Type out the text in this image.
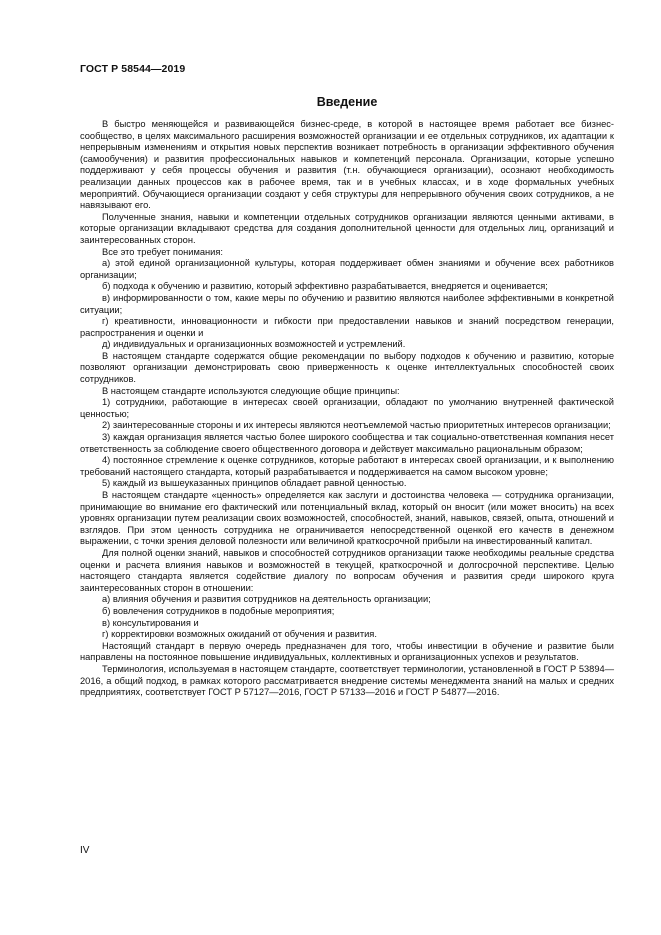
ГОСТ Р 58544—2019
Введение

В быстро меняющейся и развивающейся бизнес-среде, в которой в настоящее время работает все бизнес-сообщество, в целях максимального расширения возможностей организации и ее отдельных сотрудников, их адаптации к непрерывным изменениям и открытия новых перспектив возникает потребность в организации эффективного обучения (самообучения) и развития профессиональных навыков и компетенций персонала. Организации, которые успешно поддерживают у себя процессы обучения и развития (т.н. обучающиеся организации), осознают необходимость реализации данных процессов как в рабочее время, так и в учебных классах, и в ходе формальных учебных мероприятий. Обучающиеся организации создают у себя структуры для непрерывного обучения своих сотрудников, а не навязывают его.

Полученные знания, навыки и компетенции отдельных сотрудников организации являются ценными активами, в которые организации вкладывают средства для создания дополнительной ценности для отдельных лиц, организаций и заинтересованных сторон.

Все это требует понимания:

а) этой единой организационной культуры, которая поддерживает обмен знаниями и обучение всех работников организации;

б) подхода к обучению и развитию, который эффективно разрабатывается, внедряется и оценивается;

в) информированности о том, какие меры по обучению и развитию являются наиболее эффективными в конкретной ситуации;

г) креативности, инновационности и гибкости при предоставлении навыков и знаний посредством генерации, распространения и оценки и

д) индивидуальных и организационных возможностей и устремлений.

В настоящем стандарте содержатся общие рекомендации по выбору подходов к обучению и развитию, которые позволяют организации демонстрировать свою приверженность к оценке интеллектуальных способностей своих сотрудников.

В настоящем стандарте используются следующие общие принципы:

1) сотрудники, работающие в интересах своей организации, обладают по умолчанию внутренней фактической ценностью;

2) заинтересованные стороны и их интересы являются неотъемлемой частью приоритетных интересов организации;

3) каждая организация является частью более широкого сообщества и так социально-ответственная компания несет ответственность за соблюдение своего общественного договора и действует максимально рациональным образом;

4) постоянное стремление к оценке сотрудников, которые работают в интересах своей организации, и к выполнению требований настоящего стандарта, который разрабатывается и поддерживается на самом высоком уровне;

5) каждый из вышеуказанных принципов обладает равной ценностью.

В настоящем стандарте «ценность» определяется как заслуги и достоинства человека — сотрудника организации, принимающие во внимание его фактический или потенциальный вклад, который он вносит (или может вносить) на всех уровнях организации путем реализации своих возможностей, способностей, знаний, навыков, связей, опыта, отношений и взглядов. При этом ценность сотрудника не ограничивается непосредственной оценкой его качеств в денежном выражении, с точки зрения деловой полезности или величиной краткосрочной прибыли на инвестированный капитал.

Для полной оценки знаний, навыков и способностей сотрудников организации также необходимы реальные средства оценки и расчета влияния навыков и возможностей в текущей, краткосрочной и долгосрочной перспективе. Целью настоящего стандарта является содействие диалогу по вопросам обучения и развития среди широкого круга заинтересованных сторон в отношении:

а) влияния обучения и развития сотрудников на деятельность организации;

б) вовлечения сотрудников в подобные мероприятия;

в) консультирования и

г) корректировки возможных ожиданий от обучения и развития.

Настоящий стандарт в первую очередь предназначен для того, чтобы инвестиции в обучение и развитие были направлены на постоянное повышение индивидуальных, коллективных и организационных успехов и результатов.

Терминология, используемая в настоящем стандарте, соответствует терминологии, установленной в ГОСТ Р 53894—2016, а общий подход, в рамках которого рассматривается внедрение системы менеджмента знаний на малых и средних предприятиях, соответствует ГОСТ Р 57127—2016, ГОСТ Р 57133—2016 и ГОСТ Р 54877—2016.

IV
